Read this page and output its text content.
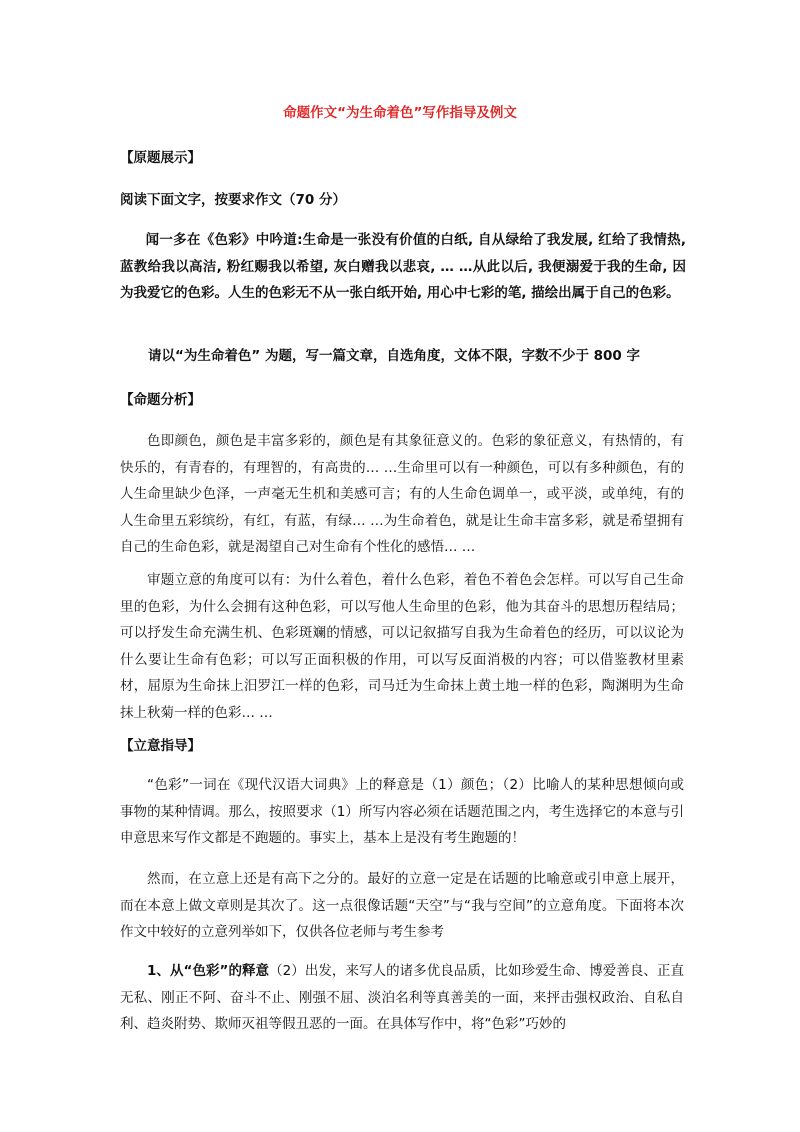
命题作文“为生命着色”写作指导及例文
【原题展示】
阅读下面文字，按要求作文（70 分）
闻一多在《色彩》中吟道:生命是一张没有价值的白纸, 自从绿给了我发展, 红给了我情热, 蓝教给我以高洁, 粉红赐我以希望, 灰白赠我以悲哀, … …从此以后, 我便溺爱于我的生命, 因为我爱它的色彩。人生的色彩无不从一张白纸开始, 用心中七彩的笔, 描绘出属于自己的色彩。
请以“为生命着色” 为题，写一篇文章，自选角度，文体不限，字数不少于 800 字
【命题分析】
色即颜色，颜色是丰富多彩的，颜色是有其象征意义的。色彩的象征意义，有热情的，有快乐的，有青春的，有理智的，有高贵的… …生命里可以有一种颜色，可以有多种颜色，有的人生命里缺少色泽，一声毫无生机和美感可言；有的人生命色调单一，或平淡，或单纯，有的人生命里五彩缤纷，有红，有蓝，有绿… …为生命着色，就是让生命丰富多彩，就是希望拥有自己的生命色彩，就是渴望自己对生命有个性化的感悟… …
审题立意的角度可以有：为什么着色，着什么色彩，着色不着色会怎样。可以写自己生命里的色彩，为什么会拥有这种色彩，可以写他人生命里的色彩，他为其奋斗的思想历程结局；可以抒发生命充满生机、色彩斑斓的情感，可以记叙描写自我为生命着色的经历，可以议论为什么要让生命有色彩；可以写正面积极的作用，可以写反面消极的内容；可以借鉴教材里素材，屈原为生命抹上汨罗江一样的色彩，司马迁为生命抹上黄土地一样的色彩，陶渊明为生命抹上秋菊一样的色彩… …
【立意指导】
“色彩”一词在《现代汉语大词典》上的释意是（1）颜色；（2）比喻人的某种思想倾向或事物的某种情调。那么，按照要求（1）所写内容必须在话题范围之内，考生选择它的本意与引申意思来写作文都是不跑题的。事实上，基本上是没有考生跑题的！
然而，在立意上还是有高下之分的。最好的立意一定是在话题的比喻意或引申意上展开，而在本意上做文章则是其次了。这一点很像话题“天空”与“我与空间”的立意角度。下面将本次作文中较好的立意列举如下，仅供各位老师与考生参考
1、从“色彩”的释意（2）出发，来写人的诸多优良品质，比如珍爱生命、博爱善良、正直无私、刚正不阿、奋斗不止、刚强不屈、淡泊名利等真善美的一面，来抨击强权政治、自私自利、趋炎附势、欺师灭祖等假丑恶的一面。在具体写作中，将“色彩”巧妙的
